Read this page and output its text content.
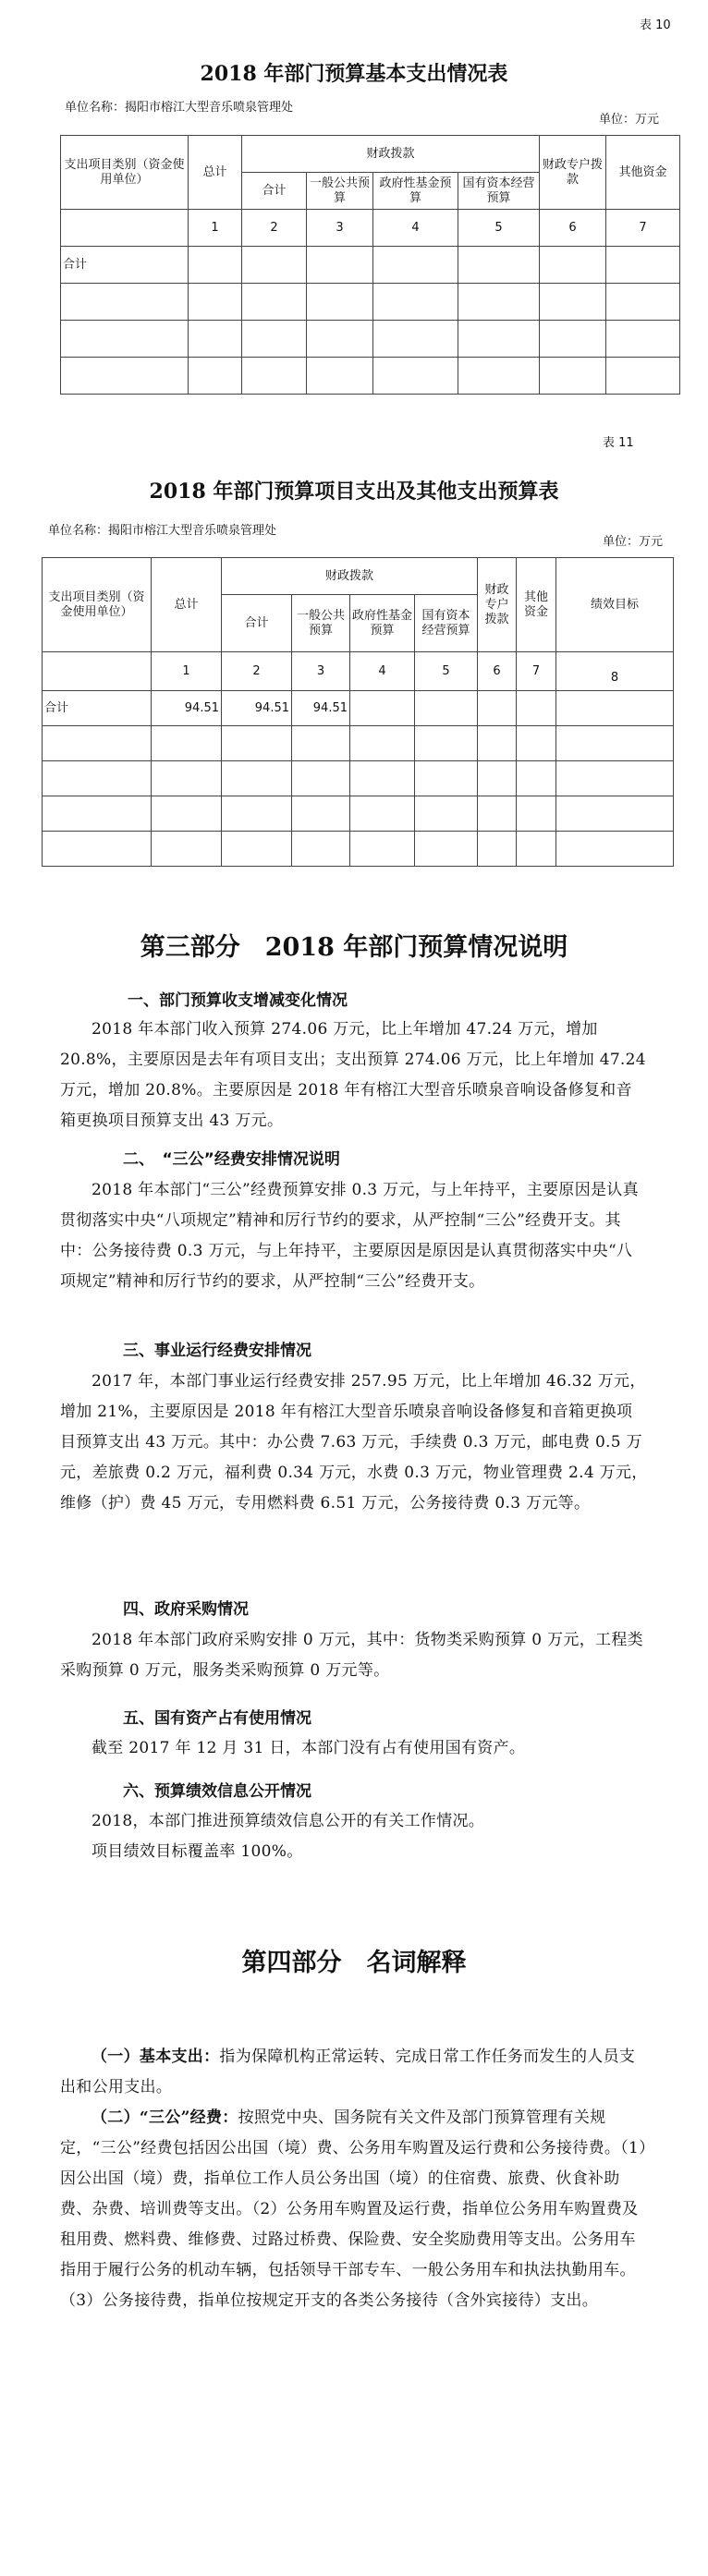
表 10
2018 年部门预算基本支出情况表
单位名称：揭阳市榕江大型音乐喷泉管理处
单位：万元
支出项目类别（资金使用单位）	总计	财政拨款				财政专户拨款	其他资金
		合计	一般公共预算	政府性基金预算	国有资本经营预算		
	1	2	3	4	5	6	7
合计							

表 11
2018 年部门预算项目支出及其他支出预算表
单位名称：揭阳市榕江大型音乐喷泉管理处
单位：万元
支出项目类别（资金使用单位）	总计	财政拨款				财政专户拨款	其他资金	绩效目标
		合计	一般公共预算	政府性基金预算	国有资本经营预算			
	1	2	3	4	5	6	7	8
合计	94.51	94.51	94.51					

第三部分　2018 年部门预算情况说明
一、部门预算收支增减变化情况

2018 年本部门收入预算 274.06 万元，比上年增加 47.24 万元，增加 20.8%，主要原因是去年有项目支出；支出预算 274.06 万元，比上年增加 47.24 万元，增加 20.8%。主要原因是 2018 年有榕江大型音乐喷泉音响设备修复和音箱更换项目预算支出 43 万元。

二、　“三公”经费安排情况说明

2018 年本部门“三公”经费预算安排 0.3 万元，与上年持平，主要原因是认真贯彻落实中央“八项规定”精神和厉行节约的要求，从严控制“三公”经费开支。其中：公务接待费 0.3 万元，与上年持平，主要原因是原因是认真贯彻落实中央“八项规定”精神和厉行节约的要求，从严控制“三公”经费开支。

三、事业运行经费安排情况

2017 年，本部门事业运行经费安排 257.95 万元，比上年增加 46.32 万元，增加 21%，主要原因是 2018 年有榕江大型音乐喷泉音响设备修复和音箱更换项目预算支出 43 万元。其中：办公费 7.63 万元，手续费 0.3 万元，邮电费 0.5 万元，差旅费 0.2 万元，福利费 0.34 万元，水费 0.3 万元，物业管理费 2.4 万元，维修（护）费 45 万元，专用燃料费 6.51 万元，公务接待费 0.3 万元等。

四、政府采购情况

2018 年本部门政府采购安排 0 万元，其中：货物类采购预算 0 万元，工程类采购预算 0 万元，服务类采购预算 0 万元等。

五、国有资产占有使用情况

截至 2017 年 12 月 31 日，本部门没有占有使用国有资产。

六、预算绩效信息公开情况

2018，本部门推进预算绩效信息公开的有关工作情况。

项目绩效目标覆盖率 100%。

第四部分　名词解释

（一）基本支出：指为保障机构正常运转、完成日常工作任务而发生的人员支出和公用支出。

（二）“三公”经费：按照党中央、国务院有关文件及部门预算管理有关规定，“三公”经费包括因公出国（境）费、公务用车购置及运行费和公务接待费。（1）因公出国（境）费，指单位工作人员公务出国（境）的住宿费、旅费、伙食补助费、杂费、培训费等支出。（2）公务用车购置及运行费，指单位公务用车购置费及租用费、燃料费、维修费、过路过桥费、保险费、安全奖励费用等支出。公务用车指用于履行公务的机动车辆，包括领导干部专车、一般公务用车和执法执勤用车。（3）公务接待费，指单位按规定开支的各类公务接待（含外宾接待）支出。
